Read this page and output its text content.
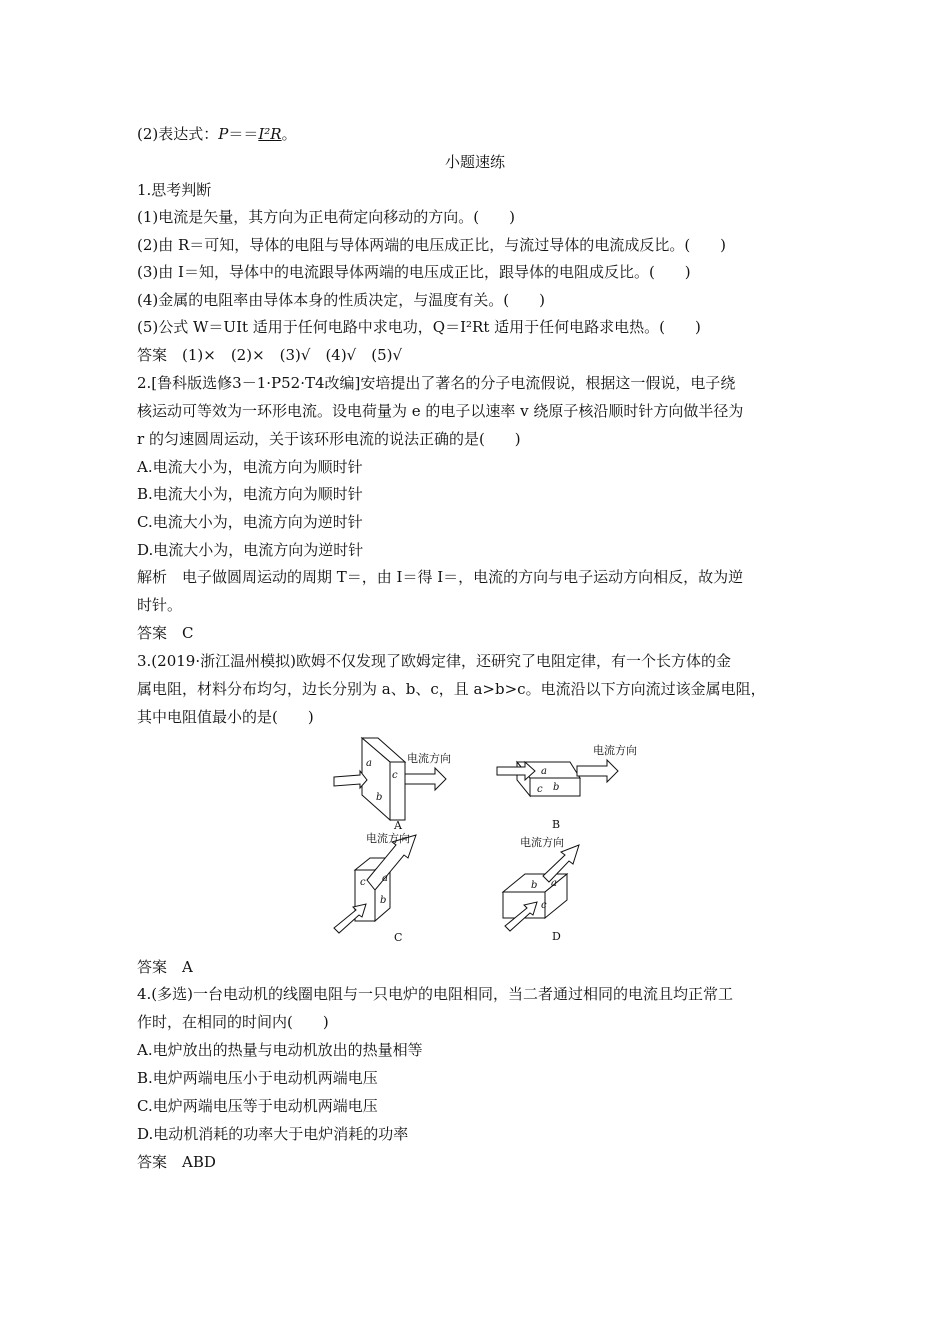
(2)表达式：P＝＝I²R。
小题速练
1.思考判断
(1)电流是矢量，其方向为正电荷定向移动的方向。(　　)
(2)由 R＝可知，导体的电阻与导体两端的电压成正比，与流过导体的电流成反比。(　　)
(3)由 I＝知，导体中的电流跟导体两端的电压成正比，跟导体的电阻成反比。(　　)
(4)金属的电阻率由导体本身的性质决定，与温度有关。(　　)
(5)公式 W＝UIt 适用于任何电路中求电功，Q＝I²Rt 适用于任何电路求电热。(　　)
答案　(1)×　(2)×　(3)√　(4)√　(5)√
2.[鲁科版选修3－1·P52·T4改编]安培提出了著名的分子电流假说，根据这一假说，电子绕
核运动可等效为一环形电流。设电荷量为 e 的电子以速率 v 绕原子核沿顺时针方向做半径为
r 的匀速圆周运动，关于该环形电流的说法正确的是(　　)
A.电流大小为，电流方向为顺时针
B.电流大小为，电流方向为顺时针
C.电流大小为，电流方向为逆时针
D.电流大小为，电流方向为逆时针
解析　电子做圆周运动的周期 T＝，由 I＝得 I＝，电流的方向与电子运动方向相反，故为逆
时针。
答案　C
3.(2019·浙江温州模拟)欧姆不仅发现了欧姆定律，还研究了电阻定律，有一个长方体的金
属电阻，材料分布均匀，边长分别为 a、b、c，且 a>b>c。电流沿以下方向流过该金属电阻，
其中电阻值最小的是(　　)
电流方向
a
c
b
A
电流方向
a
b
c
B
电流方向
c a
b
C
电流方向
b a
c
D
答案　A
4.(多选)一台电动机的线圈电阻与一只电炉的电阻相同，当二者通过相同的电流且均正常工
作时，在相同的时间内(　　)
A.电炉放出的热量与电动机放出的热量相等
B.电炉两端电压小于电动机两端电压
C.电炉两端电压等于电动机两端电压
D.电动机消耗的功率大于电炉消耗的功率
答案　ABD
